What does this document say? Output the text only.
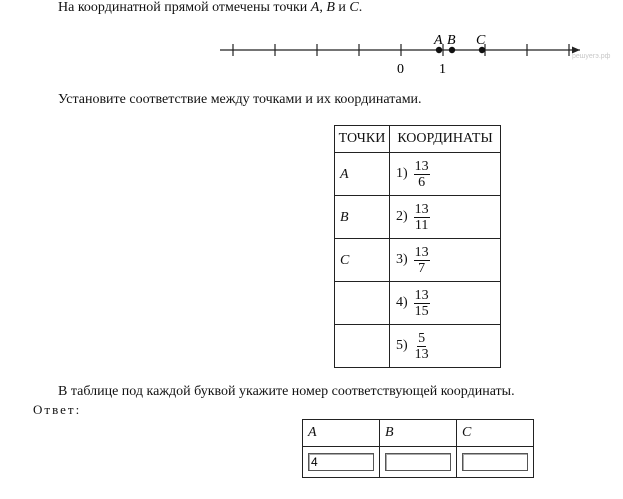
На координатной прямой отмечены точки A, B и C.
A B C
0	1
решуегэ.рф
Установите соответствие между точками и их координатами.
ТОЧКИ	КООРДИНАТЫ

A	$1) \frac{13}{6}$

B	$2) \frac{13}{11}$

C	$3) \frac{13}{7}$

	$4) \frac{13}{15}$

	$5) \frac{5}{13}$
В таблице под каждой буквой укажите номер соответствующей координаты.
Ответ:
A	B	C
4		
